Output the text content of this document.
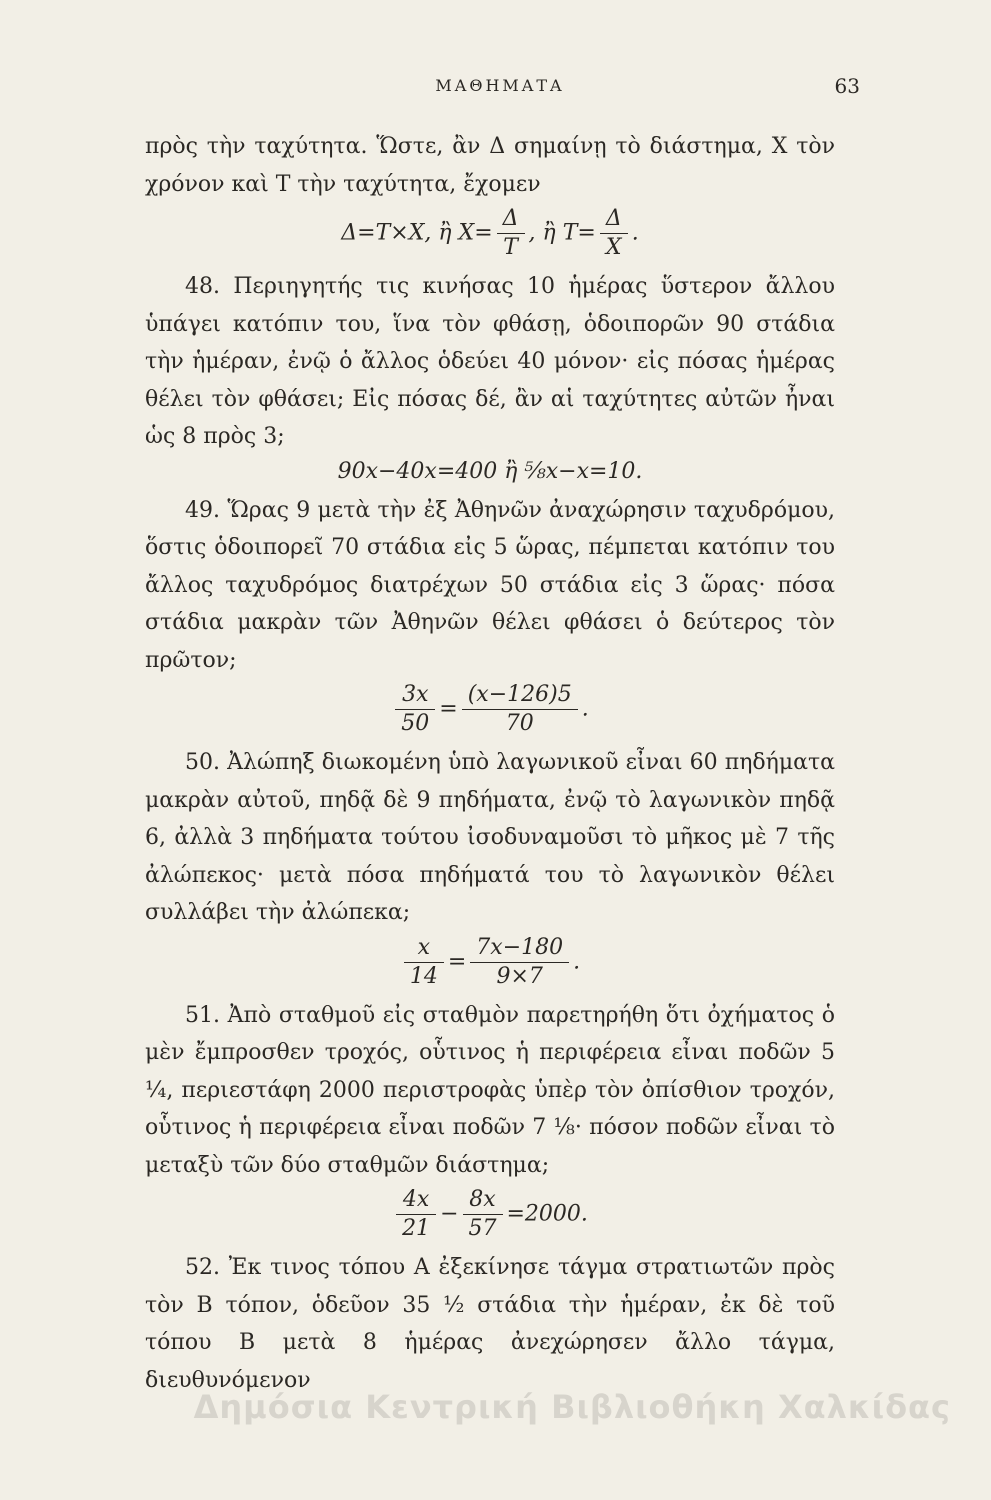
ΜΑΘΗΜΑΤΑ	63

πρὸς τὴν ταχύτητα. Ὥστε, ἂν Δ σημαίνῃ τὸ διάστημα, X τὸν χρόνον καὶ T τὴν ταχύτητα, ἔχομεν

Δ=T×X, ἢ $X= \frac{\Delta}{T}$ , ἢ $T= \frac{\Delta}{X}$ .

48. Περιηγητής τις κινήσας 10 ἡμέρας ὕστερον ἄλλου ὑπάγει κατόπιν του, ἵνα τὸν φθάσῃ, ὁδοιπορῶν 90 στάδια τὴν ἡμέραν, ἐνῷ ὁ ἄλλος ὁδεύει 40 μόνον· εἰς πόσας ἡμέρας θέλει τὸν φθάσει; Εἰς πόσας δέ, ἂν αἱ ταχύτητες αὐτῶν ἦναι ὡς 8 πρὸς 3;

90x−40x=400 ἢ ⅝x−x=10.

49. Ὥρας 9 μετὰ τὴν ἐξ Ἀθηνῶν ἀναχώρησιν ταχυδρόμου, ὅστις ὁδοιπορεῖ 70 στάδια εἰς 5 ὥρας, πέμπεται κατόπιν του ἄλλος ταχυδρόμος διατρέχων 50 στάδια εἰς 3 ὥρας· πόσα στάδια μακρὰν τῶν Ἀθηνῶν θέλει φθάσει ὁ δεύτερος τὸν πρῶτον;

$\frac{3x}{50} = \frac{(x-126)5}{70}$ .

50. Ἀλώπηξ διωκομένη ὑπὸ λαγωνικοῦ εἶναι 60 πηδήματα μακρὰν αὐτοῦ, πηδᾷ δὲ 9 πηδήματα, ἐνῷ τὸ λαγωνικὸν πηδᾷ 6, ἀλλὰ 3 πηδήματα τούτου ἰσοδυναμοῦσι τὸ μῆκος μὲ 7 τῆς ἀλώπεκος· μετὰ πόσα πηδήματά του τὸ λαγωνικὸν θέλει συλλάβει τὴν ἀλώπεκα;

$\frac{x}{14} = \frac{7x-180}{9\times 7}$ .

51. Ἀπὸ σταθμοῦ εἰς σταθμὸν παρετηρήθη ὅτι ὀχήματος ὁ μὲν ἔμπροσθεν τροχός, οὗτινος ἡ περιφέρεια εἶναι ποδῶν 5 ¼, περιεστάφη 2000 περιστροφὰς ὑπὲρ τὸν ὀπίσθιον τροχόν, οὗτινος ἡ περιφέρεια εἶναι ποδῶν 7 ⅛· πόσον ποδῶν εἶναι τὸ μεταξὺ τῶν δύο σταθμῶν διάστημα;

$\frac{4x}{21} - \frac{8x}{57} =2000$.

52. Ἐκ τινος τόπου Α ἐξεκίνησε τάγμα στρατιωτῶν πρὸς τὸν Β τόπον, ὁδεῦον 35 ½ στάδια τὴν ἡμέραν, ἐκ δὲ τοῦ τόπου Β μετὰ 8 ἡμέρας ἀνεχώρησεν ἄλλο τάγμα, διευθυνόμενον

Δημόσια Κεντρική Βιβλιοθήκη Χαλκίδας
